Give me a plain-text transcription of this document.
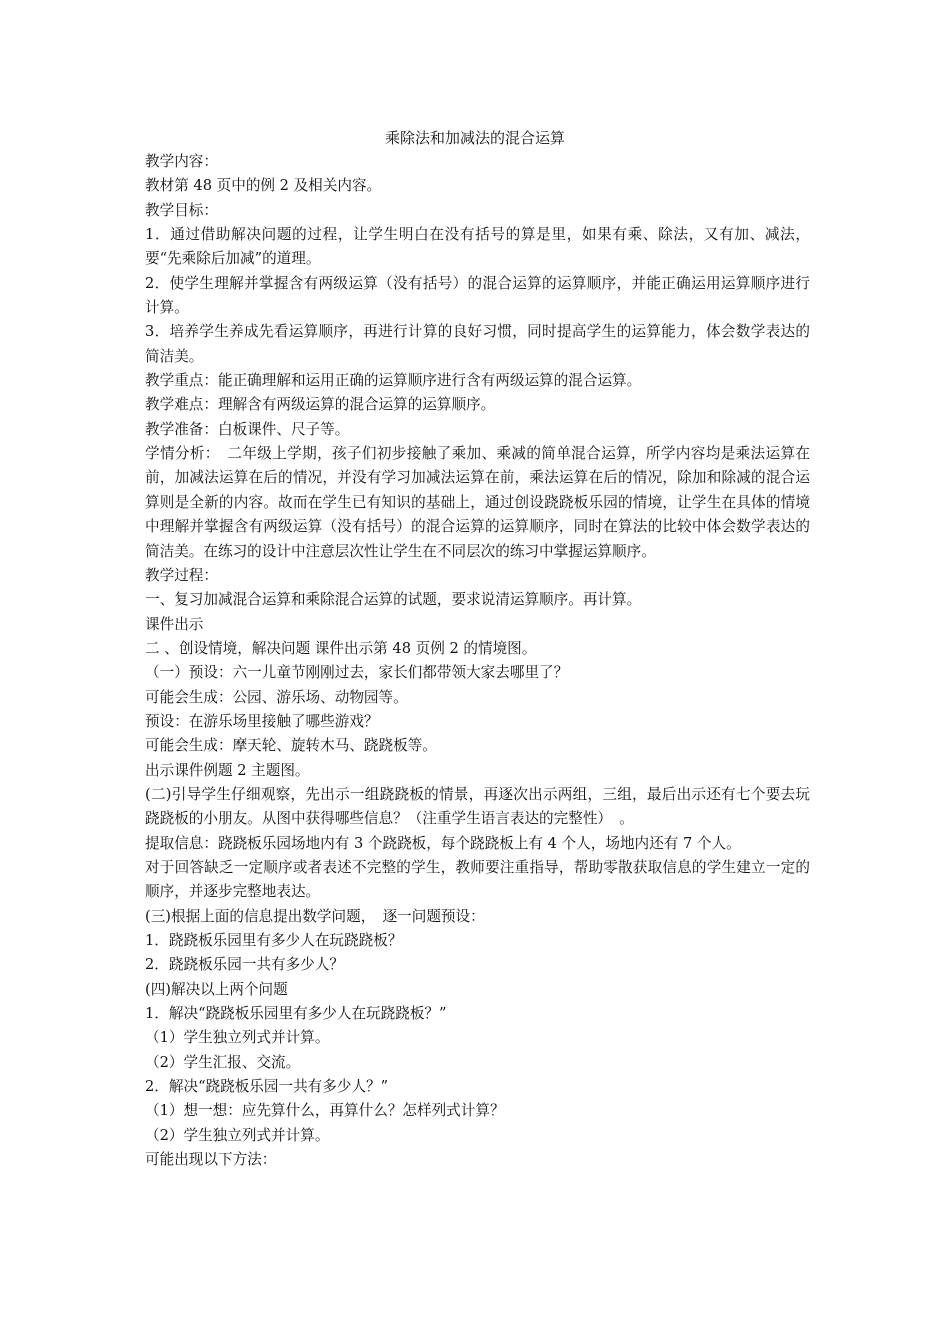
乘除法和加减法的混合运算

教学内容：

教材第 48 页中的例 2 及相关内容。

教学目标：

1．通过借助解决问题的过程，让学生明白在没有括号的算是里，如果有乘、除法，又有加、减法，要“先乘除后加减”的道理。

2．使学生理解并掌握含有两级运算（没有括号）的混合运算的运算顺序，并能正确运用运算顺序进行计算。

3．培养学生养成先看运算顺序，再进行计算的良好习惯，同时提高学生的运算能力，体会数学表达的简洁美。

教学重点：能正确理解和运用正确的运算顺序进行含有两级运算的混合运算。

教学难点：理解含有两级运算的混合运算的运算顺序。

教学准备：白板课件、尺子等。

学情分析：　二年级上学期，孩子们初步接触了乘加、乘减的简单混合运算，所学内容均是乘法运算在前，加减法运算在后的情况，并没有学习加减法运算在前，乘法运算在后的情况，除加和除减的混合运算则是全新的内容。故而在学生已有知识的基础上，通过创设跷跷板乐园的情境，让学生在具体的情境中理解并掌握含有两级运算（没有括号）的混合运算的运算顺序，同时在算法的比较中体会数学表达的简洁美。在练习的设计中注意层次性让学生在不同层次的练习中掌握运算顺序。

教学过程：

一、复习加减混合运算和乘除混合运算的试题，要求说清运算顺序。再计算。

课件出示

二 、创设情境，解决问题 课件出示第 48 页例 2 的情境图。

（一）预设：六一儿童节刚刚过去，家长们都带领大家去哪里了？

可能会生成：公园、游乐场、动物园等。

预设：在游乐场里接触了哪些游戏？

可能会生成：摩天轮、旋转木马、跷跷板等。

出示课件例题 2 主题图。

(二)引导学生仔细观察，先出示一组跷跷板的情景，再逐次出示两组，三组，最后出示还有七个要去玩跷跷板的小朋友。从图中获得哪些信息？（注重学生语言表达的完整性）　。

提取信息：跷跷板乐园场地内有 3 个跷跷板，每个跷跷板上有 4 个人，场地内还有 7 个人。

对于回答缺乏一定顺序或者表述不完整的学生，教师要注重指导，帮助零散获取信息的学生建立一定的顺序，并逐步完整地表达。

(三)根据上面的信息提出数学问题，　逐一问题预设：

1．跷跷板乐园里有多少人在玩跷跷板？

2．跷跷板乐园一共有多少人？

(四)解决以上两个问题

1．解决“跷跷板乐园里有多少人在玩跷跷板？”

（1）学生独立列式并计算。

（2）学生汇报、交流。

2．解决“跷跷板乐园一共有多少人？”

（1）想一想：应先算什么，再算什么？怎样列式计算？

（2）学生独立列式并计算。

可能出现以下方法：
